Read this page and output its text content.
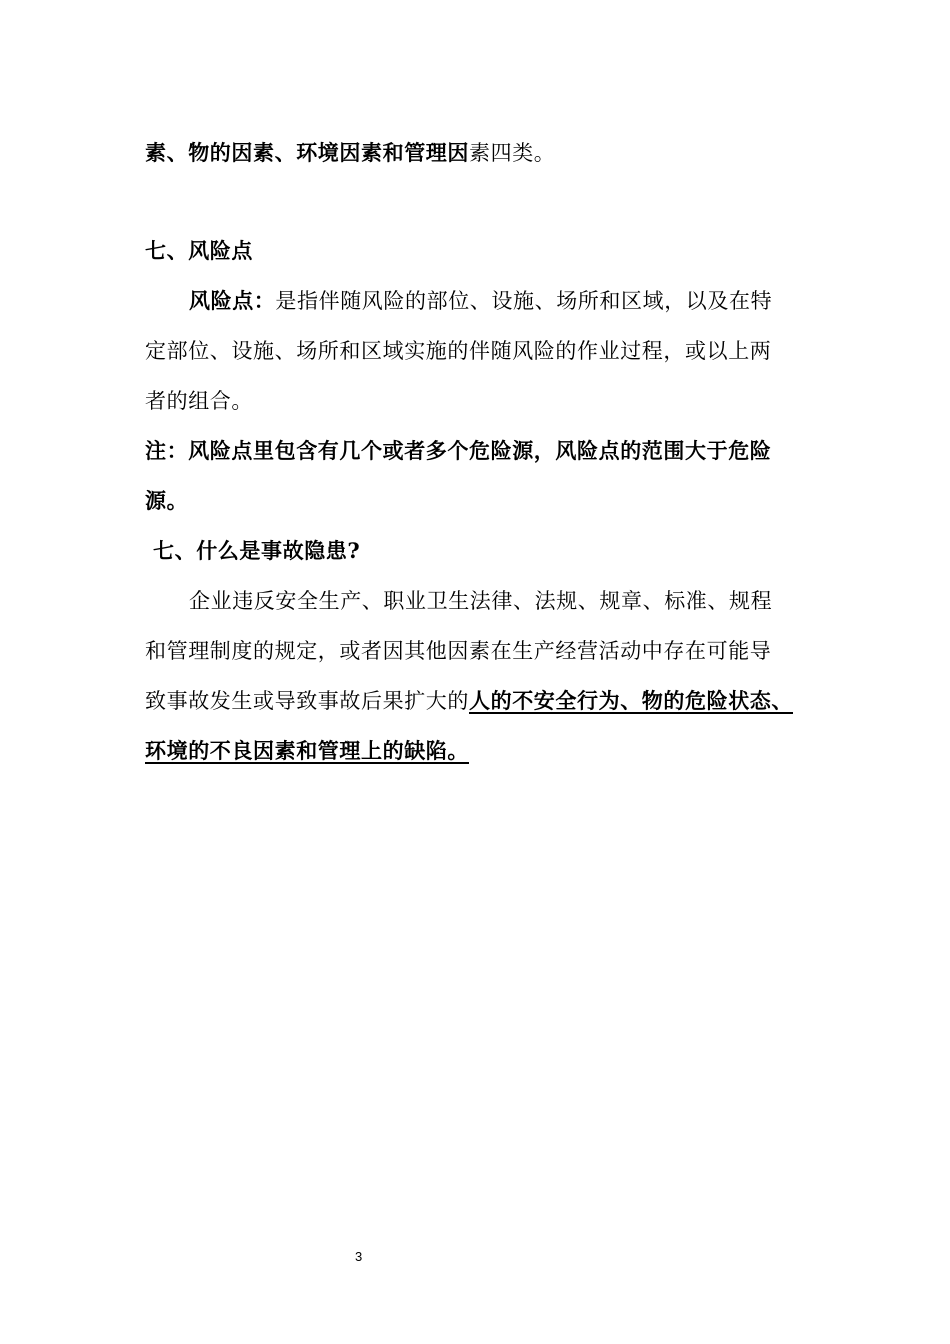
素、物的因素、环境因素和管理因素四类。
七、风险点
风险点：是指伴随风险的部位、设施、场所和区域，以及在特
定部位、设施、场所和区域实施的伴随风险的作业过程，或以上两
者的组合。
注：风险点里包含有几个或者多个危险源，风险点的范围大于危险
源。
七、什么是事故隐患?
企业违反安全生产、职业卫生法律、法规、规章、标准、规程
和管理制度的规定，或者因其他因素在生产经营活动中存在可能导
致事故发生或导致事故后果扩大的人的不安全行为、物的危险状态、
环境的不良因素和管理上的缺陷。
3
